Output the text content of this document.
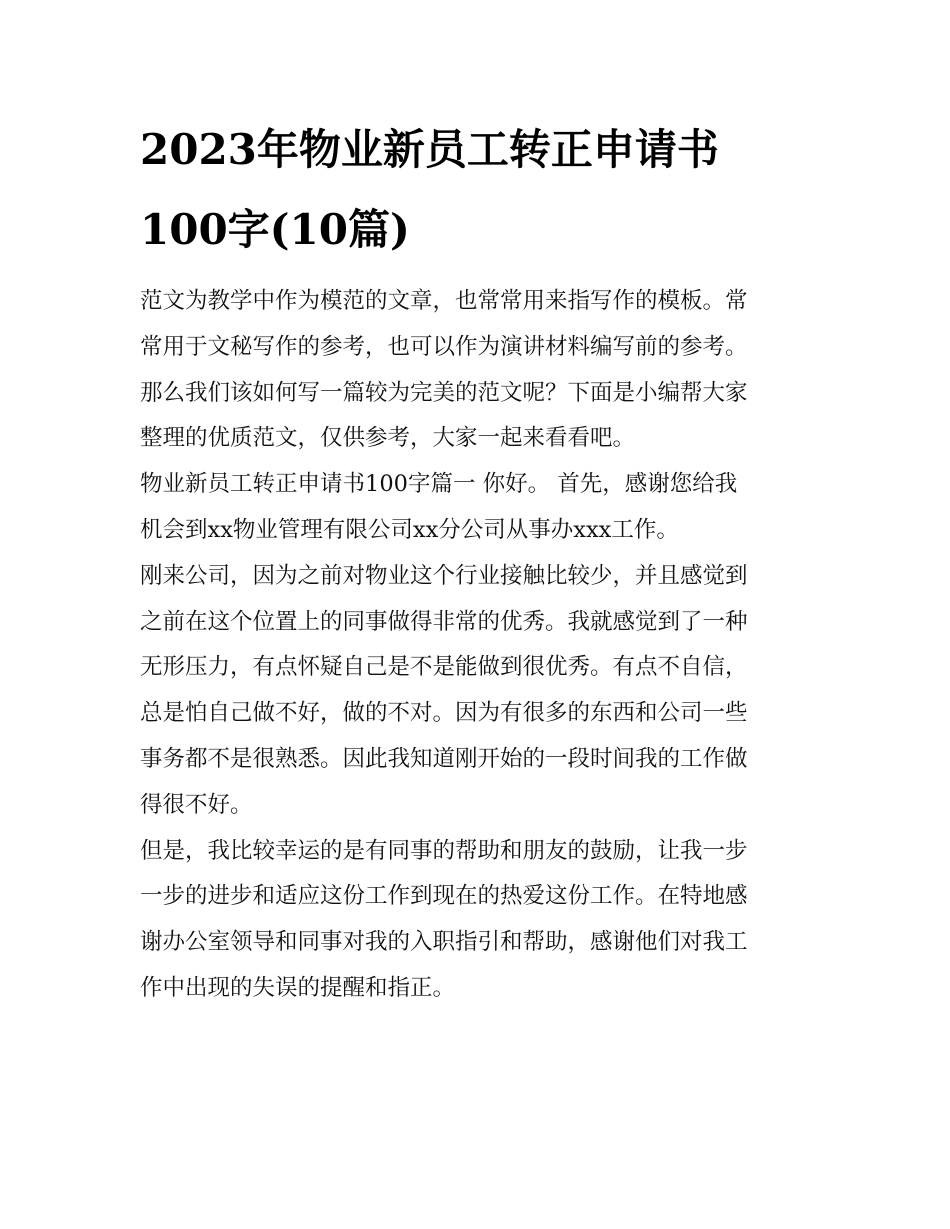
2023年物业新员工转正申请书
100字(10篇)

范文为教学中作为模范的文章，也常常用来指写作的模板。常
常用于文秘写作的参考，也可以作为演讲材料编写前的参考。
那么我们该如何写一篇较为完美的范文呢？下面是小编帮大家
整理的优质范文，仅供参考，大家一起来看看吧。

物业新员工转正申请书100字篇一 你好。 首先，感谢您给我
机会到xx物业管理有限公司xx分公司从事办xxx工作。

刚来公司，因为之前对物业这个行业接触比较少，并且感觉到
之前在这个位置上的同事做得非常的优秀。我就感觉到了一种
无形压力，有点怀疑自己是不是能做到很优秀。有点不自信，
总是怕自己做不好，做的不对。因为有很多的东西和公司一些
事务都不是很熟悉。因此我知道刚开始的一段时间我的工作做
得很不好。

但是，我比较幸运的是有同事的帮助和朋友的鼓励，让我一步
一步的进步和适应这份工作到现在的热爱这份工作。在特地感
谢办公室领导和同事对我的入职指引和帮助，感谢他们对我工
作中出现的失误的提醒和指正。
